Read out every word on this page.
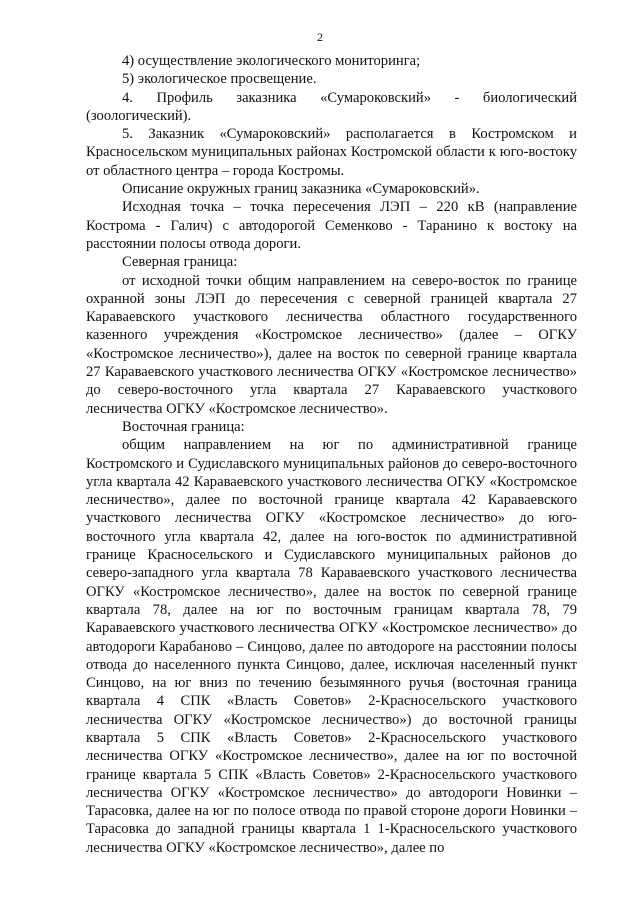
2

4) осуществление экологического мониторинга;

5) экологическое просвещение.

4. Профиль заказника «Сумароковский» - биологический (зоологический).

5. Заказник «Сумароковский» располагается в Костромском и Красносельском муниципальных районах Костромской области к юго-востоку от областного центра – города Костромы.

Описание окружных границ заказника «Сумароковский».

Исходная точка – точка пересечения ЛЭП – 220 кВ (направление Кострома - Галич) с автодорогой Семенково - Таранино к востоку на расстоянии полосы отвода дороги.

Северная граница:

от исходной точки общим направлением на северо-восток по границе охранной зоны ЛЭП до пересечения с северной границей квартала 27 Караваевского участкового лесничества областного государственного казенного учреждения «Костромское лесничество» (далее – ОГКУ «Костромское лесничество»), далее на восток по северной границе квартала 27 Караваевского участкового лесничества ОГКУ «Костромское лесничество» до северо-восточного угла квартала 27 Караваевского участкового лесничества ОГКУ «Костромское лесничество».

Восточная граница:

общим направлением на юг по административной границе Костромского и Судиславского муниципальных районов до северо-восточного угла квартала 42 Караваевского участкового лесничества ОГКУ «Костромское лесничество», далее по восточной границе квартала 42 Караваевского участкового лесничества ОГКУ «Костромское лесничество» до юго-восточного угла квартала 42, далее на юго-восток по административной границе Красносельского и Судиславского муниципальных районов до северо-западного угла квартала 78 Караваевского участкового лесничества ОГКУ «Костромское лесничество», далее на восток по северной границе квартала 78, далее на юг по восточным границам квартала 78, 79 Караваевского участкового лесничества ОГКУ «Костромское лесничество» до автодороги Карабаново – Синцово, далее по автодороге на расстоянии полосы отвода до населенного пункта Синцово, далее, исключая населенный пункт Синцово, на юг вниз по течению безымянного ручья (восточная граница квартала 4 СПК «Власть Советов» 2-Красносельского участкового лесничества ОГКУ «Костромское лесничество») до восточной границы квартала 5 СПК «Власть Советов» 2-Красносельского участкового лесничества ОГКУ «Костромское лесничество», далее на юг по восточной границе квартала 5 СПК «Власть Советов» 2-Красносельского участкового лесничества ОГКУ «Костромское лесничество» до автодороги Новинки – Тарасовка, далее на юг по полосе отвода по правой стороне дороги Новинки – Тарасовка до западной границы квартала 1 1-Красносельского участкового лесничества ОГКУ «Костромское лесничество», далее по
